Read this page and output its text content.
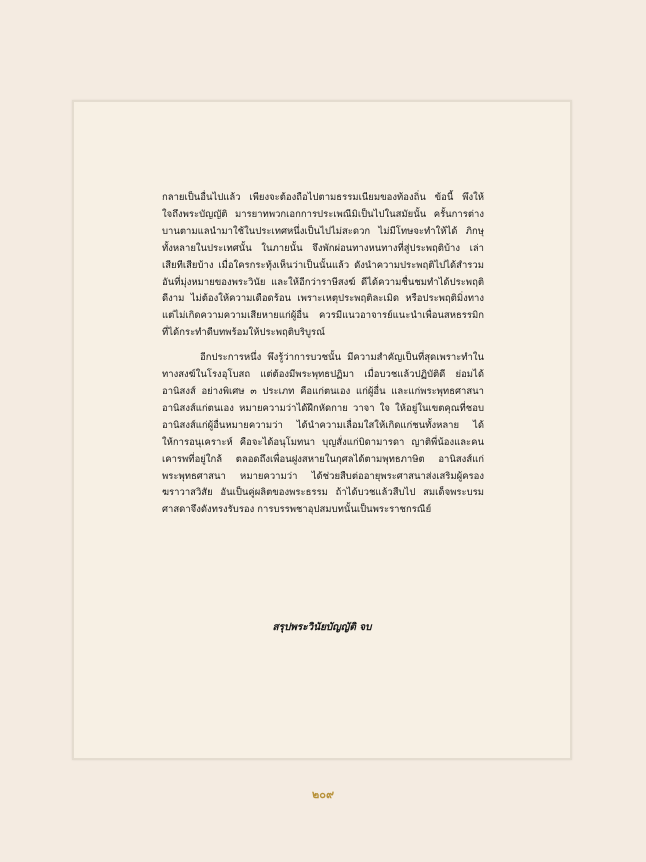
กลายเป็นอื่นไปแล้ว เพียงจะต้องถือไปตามธรรมเนียมของท้องถิ่น ข้อนี้ พึงให้ใจถึงพระบัญญัติ มารยาทพวกเอกการประเพณีมิเป็นไปในสมัยนั้น ครั้นการต่างบานตามแลนำมาใช้ในประเทศหนึ่งเป็นไปไม่สะดวก ไม่มีโทษจะทำให้ได้ ภิกษุทั้งหลายในประเทศนั้น ในภายนั้น จึงพักผ่อนทางหนทางที่สู่ประพฤติบ้าง เล่าเสียทีเสียบ้าง เมื่อใครกระทุ้งเห็นว่าเป็นนั้นแล้ว ดังนำความประพฤติไปได้สำรวมอันที่มุ่งหมายของพระวินัย และให้อีกว่าราษีสงฆ์ ดีได้ความชื่นชมทำได้ประพฤติดีงาม ไม่ต้องให้ความเดือดร้อน เพราะเหตุประพฤติละเมิด หรือประพฤติมิ่งทางแต่ไม่เกิดความความเสียหายแก่ผู้อื่น ควรมีแนวอาจารย์แนะนำเพื่อนสหธรรมิก ที่ได้กระทำดีบทพร้อมให้ประพฤติบริบูรณ์

อีกประการหนึ่ง พึงรู้ว่าการบวชนั้น มีความสำคัญเป็นที่สุดเพราะทำในทางสงฆ์ในโรงอุโบสถ แต่ต้องมีพระพุทธปฏิมา เมื่อบวชแล้วปฏิบัติดี ย่อมได้อานิสงส์ อย่างพิเศษ ๓ ประเภท คือแก่ตนเอง แก่ผู้อื่น และแก่พระพุทธศาสนา อานิสงส์แก่ตนเอง หมายความว่าได้ฝึกหัดกาย วาจา ใจ ให้อยู่ในเขตคุณที่ชอบ อานิสงส์แก่ผู้อื่นหมายความว่า ได้นำความเลื่อมใสให้เกิดแก่ชนทั้งหลาย ได้ให้การอนุเคราะห์ คือจะได้อนุโมทนา บุญสั่งแก่บิดามารดา ญาติพี่น้องและคนเคารพที่อยู่ใกล้ ตลอดถึงเพื่อนฝูงสหายในกุศลได้ตามพุทธภาษิต อานิสงส์แก่พระพุทธศาสนา หมายความว่า ได้ช่วยสืบต่ออายุพระศาสนาส่งเสริมผู้ครองฆราวาสวิสัย อันเป็นคู่ผลิตของพระธรรม ถ้าได้บวชแล้วสืบไป สมเด็จพระบรมศาสดาจึงดังทรงรับรอง การบรรพชาอุปสมบทนั้นเป็นพระราชกรณีย์

สรุปพระวินัยบัญญัติ จบ
๒๐๙
